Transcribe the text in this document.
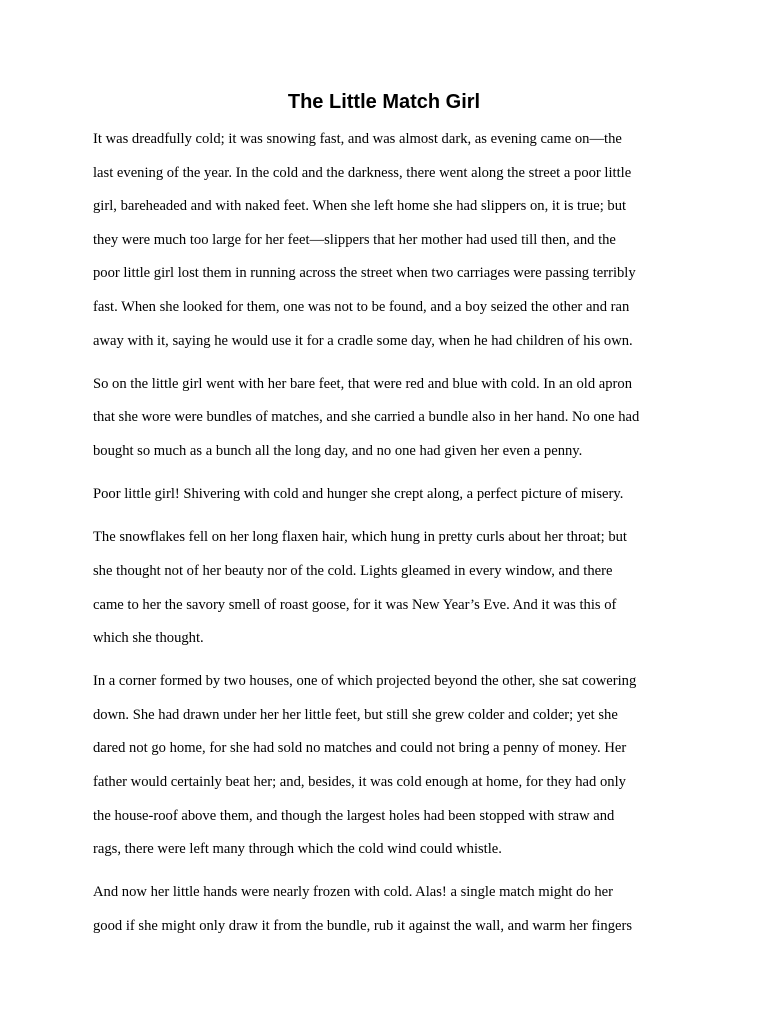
The Little Match Girl

It was dreadfully cold; it was snowing fast, and was almost dark, as evening came on—the
last evening of the year. In the cold and the darkness, there went along the street a poor little
girl, bareheaded and with naked feet. When she left home she had slippers on, it is true; but
they were much too large for her feet—slippers that her mother had used till then, and the
poor little girl lost them in running across the street when two carriages were passing terribly
fast. When she looked for them, one was not to be found, and a boy seized the other and ran
away with it, saying he would use it for a cradle some day, when he had children of his own.

So on the little girl went with her bare feet, that were red and blue with cold. In an old apron
that she wore were bundles of matches, and she carried a bundle also in her hand. No one had
bought so much as a bunch all the long day, and no one had given her even a penny.

Poor little girl! Shivering with cold and hunger she crept along, a perfect picture of misery.

The snowflakes fell on her long flaxen hair, which hung in pretty curls about her throat; but
she thought not of her beauty nor of the cold. Lights gleamed in every window, and there
came to her the savory smell of roast goose, for it was New Year’s Eve. And it was this of
which she thought.

In a corner formed by two houses, one of which projected beyond the other, she sat cowering
down. She had drawn under her her little feet, but still she grew colder and colder; yet she
dared not go home, for she had sold no matches and could not bring a penny of money. Her
father would certainly beat her; and, besides, it was cold enough at home, for they had only
the house-roof above them, and though the largest holes had been stopped with straw and
rags, there were left many through which the cold wind could whistle.

And now her little hands were nearly frozen with cold. Alas! a single match might do her
good if she might only draw it from the bundle, rub it against the wall, and warm her fingers
